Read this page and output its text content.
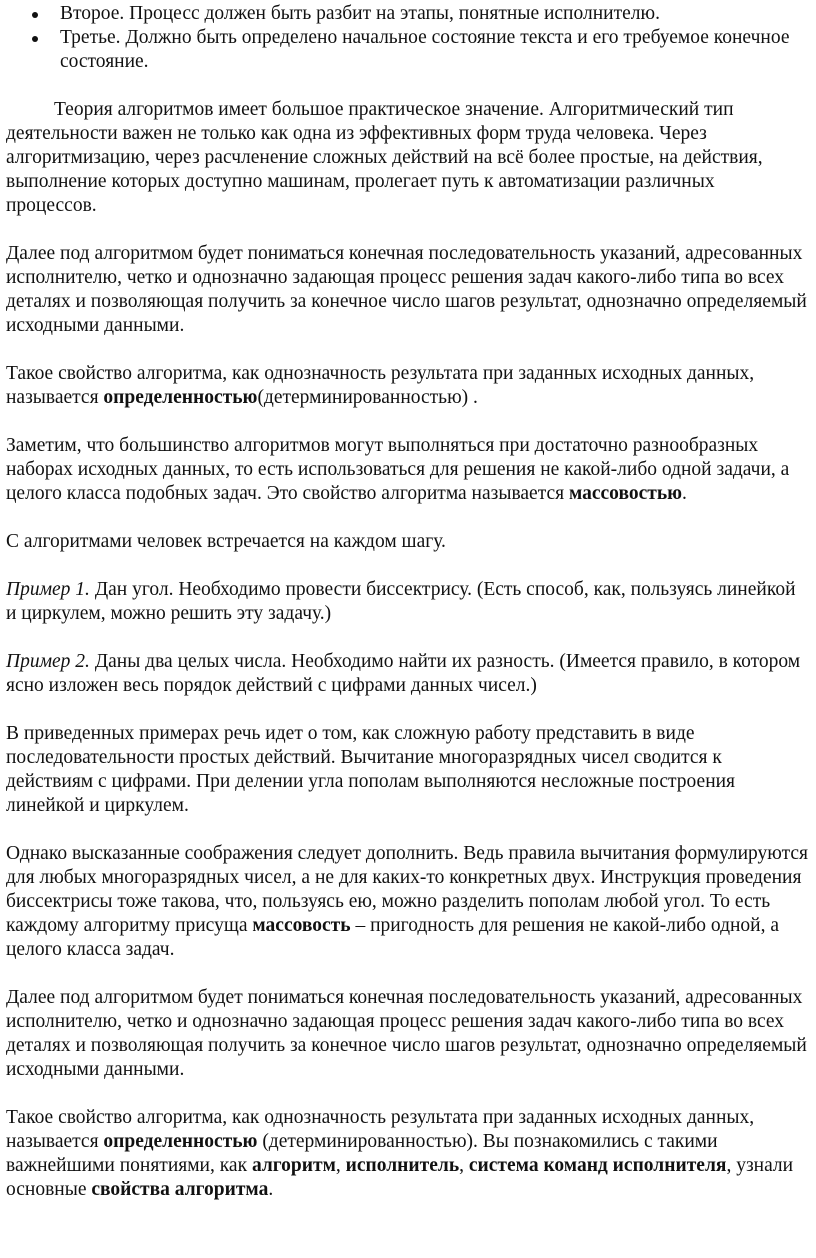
Второе. Процесс должен быть разбит на этапы, понятные исполнителю.
Третье. Должно быть определено начальное состояние текста и его требуемое конечное состояние.

Теория алгоритмов имеет большое практическое значение. Алгоритмический тип деятельности важен не только как одна из эффективных форм труда человека. Через алгоритмизацию, через расчленение сложных действий на всё более простые, на действия, выполнение которых доступно машинам, пролегает путь к автоматизации различных процессов.

Далее под алгоритмом будет пониматься конечная последовательность указаний, адресованных исполнителю, четко и однозначно задающая процесс решения задач какого-либо типа во всех деталях и позволяющая получить за конечное число шагов результат, однозначно определяемый исходными данными.

Такое свойство алгоритма, как однозначность результата при заданных исходных данных, называется определенностью(детерминированностью) .

Заметим, что большинство алгоритмов могут выполняться при достаточно разнообразных наборах исходных данных, то есть использоваться для решения не какой-либо одной задачи, а целого класса подобных задач. Это свойство алгоритма называется массовостью.

С алгоритмами человек встречается на каждом шагу.

Пример 1. Дан угол. Необходимо провести биссектрису. (Есть способ, как, пользуясь линейкой и циркулем, можно решить эту задачу.)

Пример 2. Даны два целых числа. Необходимо найти их разность. (Имеется правило, в котором ясно изложен весь порядок действий с цифрами данных чисел.)

В приведенных примерах речь идет о том, как сложную работу представить в виде последовательности простых действий. Вычитание многоразрядных чисел сводится к действиям с цифрами. При делении угла пополам выполняются несложные построения линейкой и циркулем.

Однако высказанные соображения следует дополнить. Ведь правила вычитания формулируются для любых многоразрядных чисел, а не для каких-то конкретных двух. Инструкция проведения биссектрисы тоже такова, что, пользуясь ею, можно разделить пополам любой угол. То есть каждому алгоритму присуща массовость – пригодность для решения не какой-либо одной, а целого класса задач.

Далее под алгоритмом будет пониматься конечная последовательность указаний, адресованных исполнителю, четко и однозначно задающая процесс решения задач какого-либо типа во всех деталях и позволяющая получить за конечное число шагов результат, однозначно определяемый исходными данными.

Такое свойство алгоритма, как однозначность результата при заданных исходных данных, называется определенностью (детерминированностью). Вы познакомились с такими важнейшими понятиями, как алгоритм, исполнитель, система команд исполнителя, узнали основные свойства алгоритма.
